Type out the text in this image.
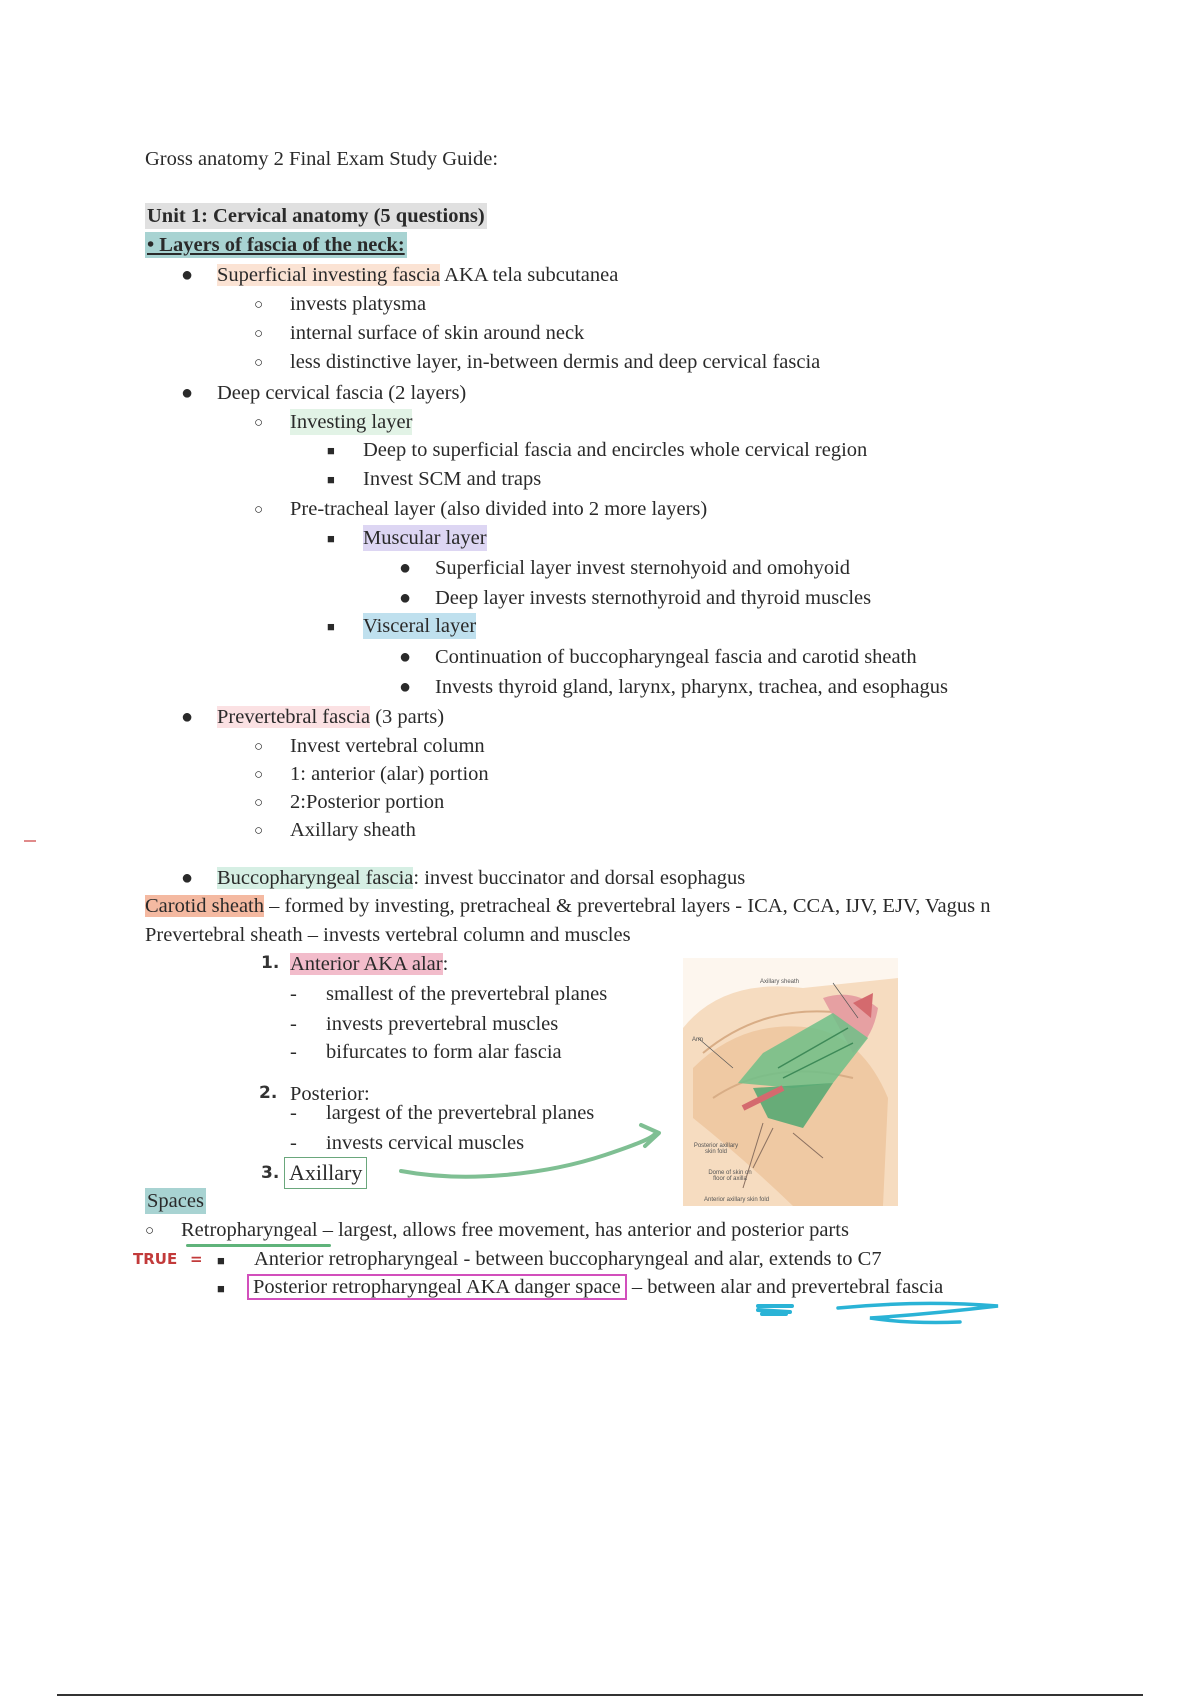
Gross anatomy 2 Final Exam Study Guide:
Unit 1: Cervical anatomy (5 questions)
• Layers of fascia of the neck:
● Superficial investing fascia AKA tela subcutanea
○ invests platysma
○ internal surface of skin around neck
○ less distinctive layer, in-between dermis and deep cervical fascia
● Deep cervical fascia (2 layers)
○ Investing layer
■ Deep to superficial fascia and encircles whole cervical region
■ Invest SCM and traps
○ Pre-tracheal layer (also divided into 2 more layers)
■ Muscular layer
● Superficial layer invest sternohyoid and omohyoid
● Deep layer invests sternothyroid and thyroid muscles
■ Visceral layer
● Continuation of buccopharyngeal fascia and carotid sheath
● Invests thyroid gland, larynx, pharynx, trachea, and esophagus
● Prevertebral fascia (3 parts)
○ Invest vertebral column
○ 1: anterior (alar) portion
○ 2:Posterior portion
○ Axillary sheath
● Buccopharyngeal fascia: invest buccinator and dorsal esophagus
Carotid sheath – formed by investing, pretracheal & prevertebral layers - ICA, CCA, IJV, EJV, Vagus n
Prevertebral sheath – invests vertebral column and muscles
1. Anterior AKA alar:
- smallest of the prevertebral planes
- invests prevertebral muscles
- bifurcates to form alar fascia
2. Posterior:
- largest of the prevertebral planes
- invests cervical muscles
3. Axillary
Axillary sheath
Arm
Posterior axillary skin fold
Dome of skin on floor of axilla
Anterior axillary skin fold
Spaces
○ Retropharyngeal – largest, allows free movement, has anterior and posterior parts
TRUE = ■ Anterior retropharyngeal - between buccopharyngeal and alar, extends to C7
■ Posterior retropharyngeal AKA danger space – between alar and prevertebral fascia
